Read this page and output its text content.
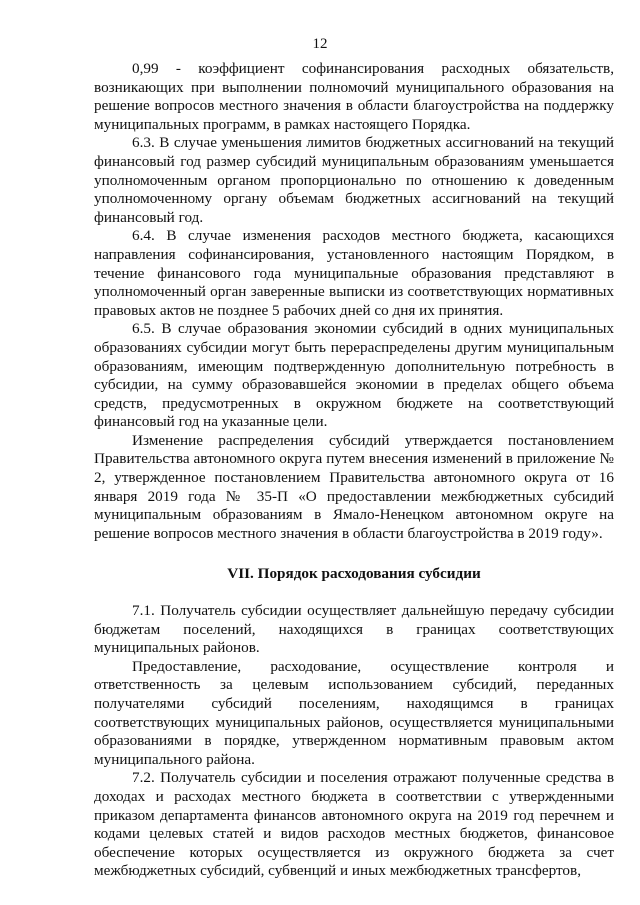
12

0,99 - коэффициент софинансирования расходных обязательств, возникающих при выполнении полномочий муниципального образования на решение вопросов местного значения в области благоустройства на поддержку муниципальных программ, в рамках настоящего Порядка.

6.3. В случае уменьшения лимитов бюджетных ассигнований на текущий финансовый год размер субсидий муниципальным образованиям уменьшается уполномоченным органом пропорционально по отношению к доведенным уполномоченному органу объемам бюджетных ассигнований на текущий финансовый год.

6.4. В случае изменения расходов местного бюджета, касающихся направления софинансирования, установленного настоящим Порядком, в течение финансового года муниципальные образования представляют в уполномоченный орган заверенные выписки из соответствующих нормативных правовых актов не позднее 5 рабочих дней со дня их принятия.

6.5. В случае образования экономии субсидий в одних муниципальных образованиях субсидии могут быть перераспределены другим муниципальным образованиям, имеющим подтвержденную дополнительную потребность в субсидии, на сумму образовавшейся экономии в пределах общего объема средств, предусмотренных в окружном бюджете на соответствующий финансовый год на указанные цели.

Изменение распределения субсидий утверждается постановлением Правительства автономного округа путем внесения изменений в приложение № 2, утвержденное постановлением Правительства автономного округа от 16 января 2019 года № 35-П «О предоставлении межбюджетных субсидий муниципальным образованиям в Ямало-Ненецком автономном округе на решение вопросов местного значения в области благоустройства в 2019 году».

VII. Порядок расходования субсидии

7.1. Получатель субсидии осуществляет дальнейшую передачу субсидии бюджетам поселений, находящихся в границах соответствующих муниципальных районов.

Предоставление, расходование, осуществление контроля и ответственность за целевым использованием субсидий, переданных получателями субсидий поселениям, находящимся в границах соответствующих муниципальных районов, осуществляется муниципальными образованиями в порядке, утвержденном нормативным правовым актом муниципального района.

7.2. Получатель субсидии и поселения отражают полученные средства в доходах и расходах местного бюджета в соответствии с утвержденными приказом департамента финансов автономного округа на 2019 год перечнем и кодами целевых статей и видов расходов местных бюджетов, финансовое обеспечение которых осуществляется из окружного бюджета за счет межбюджетных субсидий, субвенций и иных межбюджетных трансфертов,
